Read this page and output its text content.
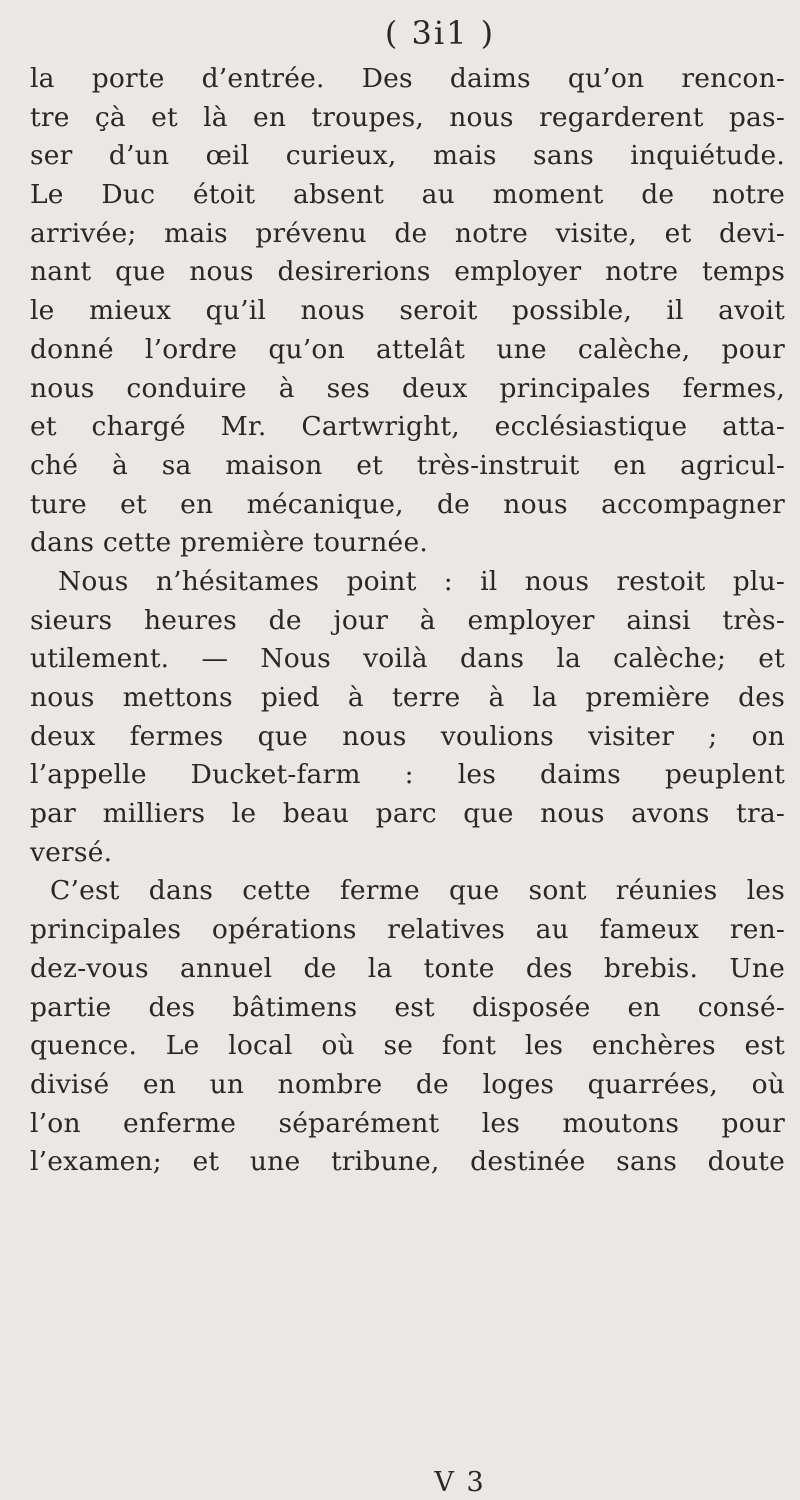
( 3i1 )
la porte d’entrée. Des daims qu’on rencon-
tre çà et là en troupes, nous regarderent pas-
ser d’un œil curieux, mais sans inquiétude.
Le Duc étoit absent au moment de notre
arrivée; mais prévenu de notre visite, et devi-
nant que nous desirerions employer notre temps
le mieux qu’il nous seroit possible, il avoit
donné l’ordre qu’on attelât une calèche, pour
nous conduire à ses deux principales fermes,
et chargé Mr. Cartwright, ecclésiastique atta-
ché à sa maison et très-instruit en agricul-
ture et en mécanique, de nous accompagner
dans cette première tournée.
Nous n’hésitames point : il nous restoit plu-
sieurs heures de jour à employer ainsi très-
utilement. — Nous voilà dans la calèche; et
nous mettons pied à terre à la première des
deux fermes que nous voulions visiter ; on
l’appelle Ducket-farm : les daims peuplent
par milliers le beau parc que nous avons tra-
versé.
C’est dans cette ferme que sont réunies les
principales opérations relatives au fameux ren-
dez-vous annuel de la tonte des brebis. Une
partie des bâtimens est disposée en consé-
quence. Le local où se font les enchères est
divisé en un nombre de loges quarrées, où
l’on enferme séparément les moutons pour
l’examen; et une tribune, destinée sans doute
V 3
